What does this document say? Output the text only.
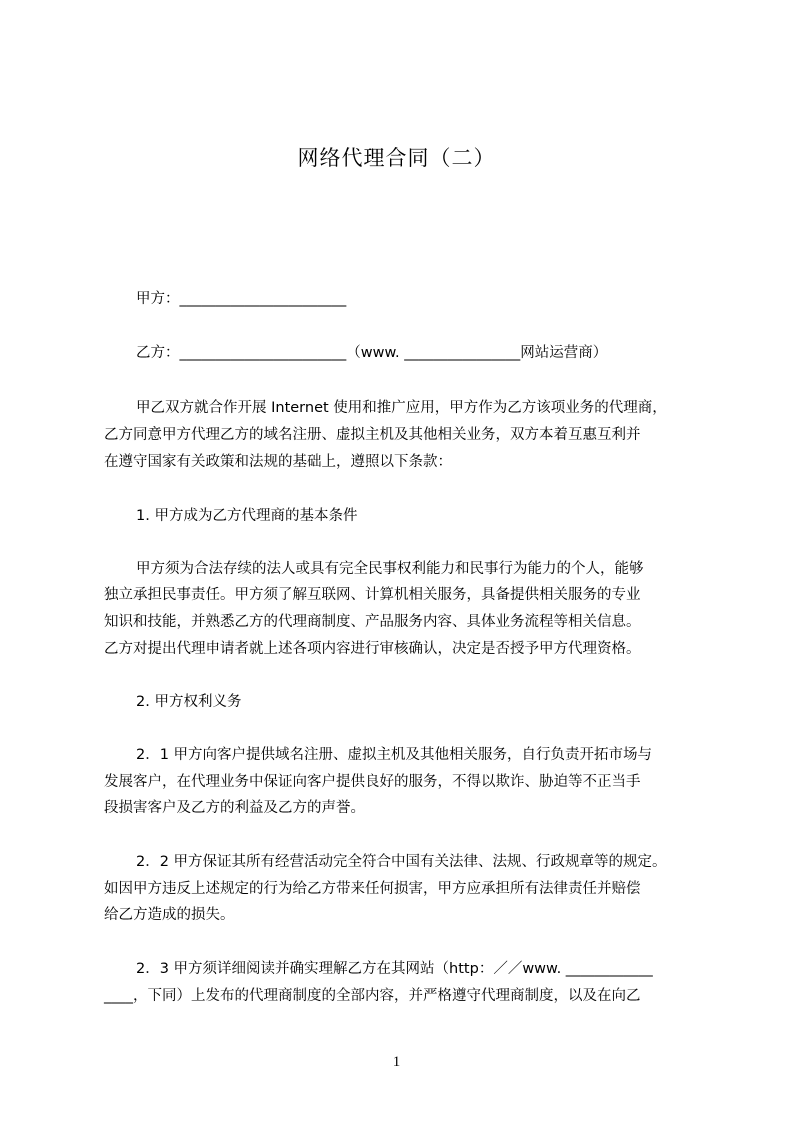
网络代理合同（二）
甲方：_______________________
乙方：_______________________（www. ________________网站运营商）
甲乙双方就合作开展 Internet 使用和推广应用，甲方作为乙方该项业务的代理商，
乙方同意甲方代理乙方的域名注册、虚拟主机及其他相关业务，双方本着互惠互利并
在遵守国家有关政策和法规的基础上，遵照以下条款：
1. 甲方成为乙方代理商的基本条件
甲方须为合法存续的法人或具有完全民事权利能力和民事行为能力的个人，能够
独立承担民事责任。甲方须了解互联网、计算机相关服务，具备提供相关服务的专业
知识和技能，并熟悉乙方的代理商制度、产品服务内容、具体业务流程等相关信息。
乙方对提出代理申请者就上述各项内容进行审核确认，决定是否授予甲方代理资格。
2. 甲方权利义务
2．1 甲方向客户提供域名注册、虚拟主机及其他相关服务，自行负责开拓市场与
发展客户，在代理业务中保证向客户提供良好的服务，不得以欺诈、胁迫等不正当手
段损害客户及乙方的利益及乙方的声誉。
2．2 甲方保证其所有经营活动完全符合中国有关法律、法规、行政规章等的规定。
如因甲方违反上述规定的行为给乙方带来任何损害，甲方应承担所有法律责任并赔偿
给乙方造成的损失。
2．3 甲方须详细阅读并确实理解乙方在其网站（http：／／www. ____________
____，下同）上发布的代理商制度的全部内容，并严格遵守代理商制度，以及在向乙
1
